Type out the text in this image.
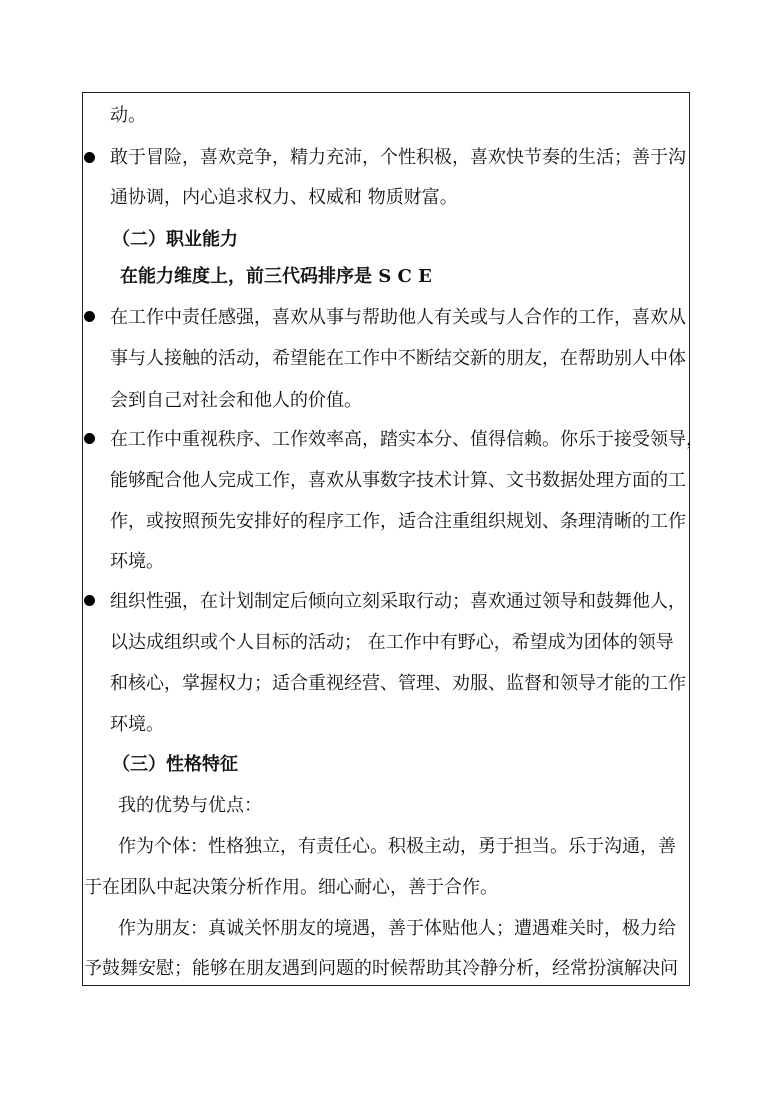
动。
敢于冒险，喜欢竞争，精力充沛，个性积极，喜欢快节奏的生活；善于沟
通协调，内心追求权力、权威和 物质财富。
（二）职业能力
在能力维度上，前三代码排序是 S C E
在工作中责任感强，喜欢从事与帮助他人有关或与人合作的工作，喜欢从
事与人接触的活动，希望能在工作中不断结交新的朋友，在帮助别人中体
会到自己对社会和他人的价值。
在工作中重视秩序、工作效率高，踏实本分、值得信赖。你乐于接受领导，
能够配合他人完成工作，喜欢从事数字技术计算、文书数据处理方面的工
作，或按照预先安排好的程序工作，适合注重组织规划、条理清晰的工作
环境。
组织性强，在计划制定后倾向立刻采取行动；喜欢通过领导和鼓舞他人，
以达成组织或个人目标的活动； 在工作中有野心，希望成为团体的领导
和核心，掌握权力；适合重视经营、管理、劝服、监督和领导才能的工作
环境。
（三）性格特征
我的优势与优点：
作为个体：性格独立，有责任心。积极主动，勇于担当。乐于沟通，善
于在团队中起决策分析作用。细心耐心，善于合作。
作为朋友：真诚关怀朋友的境遇，善于体贴他人；遭遇难关时，极力给
予鼓舞安慰；能够在朋友遇到问题的时候帮助其冷静分析，经常扮演解决问
